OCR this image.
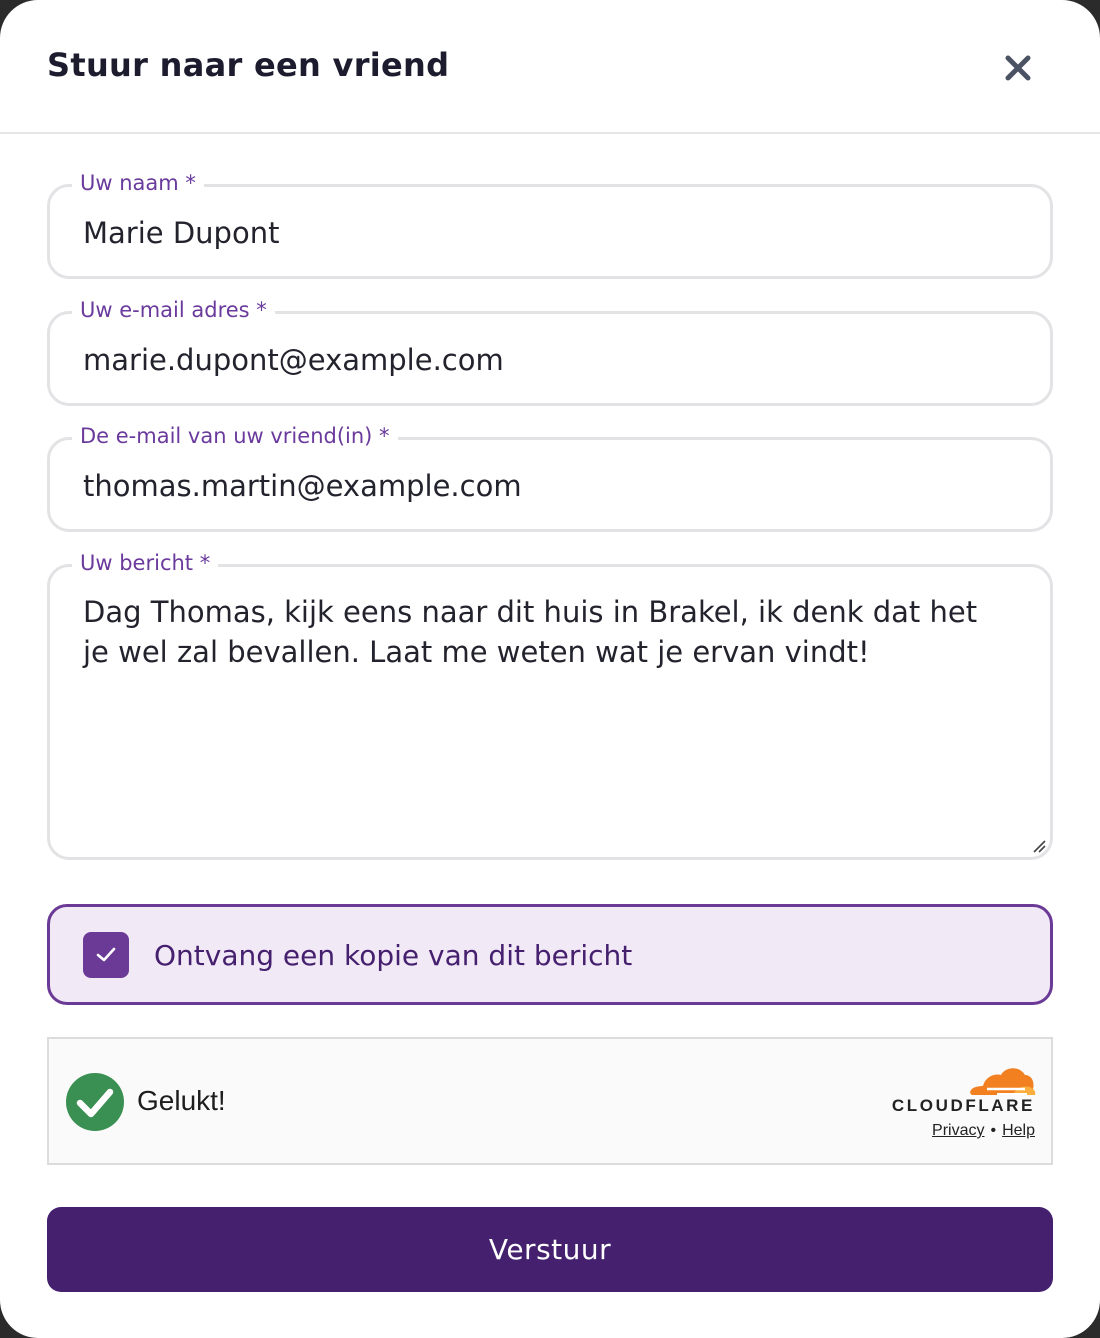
Stuur naar een vriend
Uw naam *
Marie Dupont
Uw e-mail adres *
marie.dupont@example.com
De e-mail van uw vriend(in) *
thomas.martin@example.com
Uw bericht *
Dag Thomas, kijk eens naar dit huis in Brakel, ik denk dat het je wel zal bevallen. Laat me weten wat je ervan vindt!
Ontvang een kopie van dit bericht
Gelukt!	CLOUDFLARE
Privacy • Help
Verstuur
